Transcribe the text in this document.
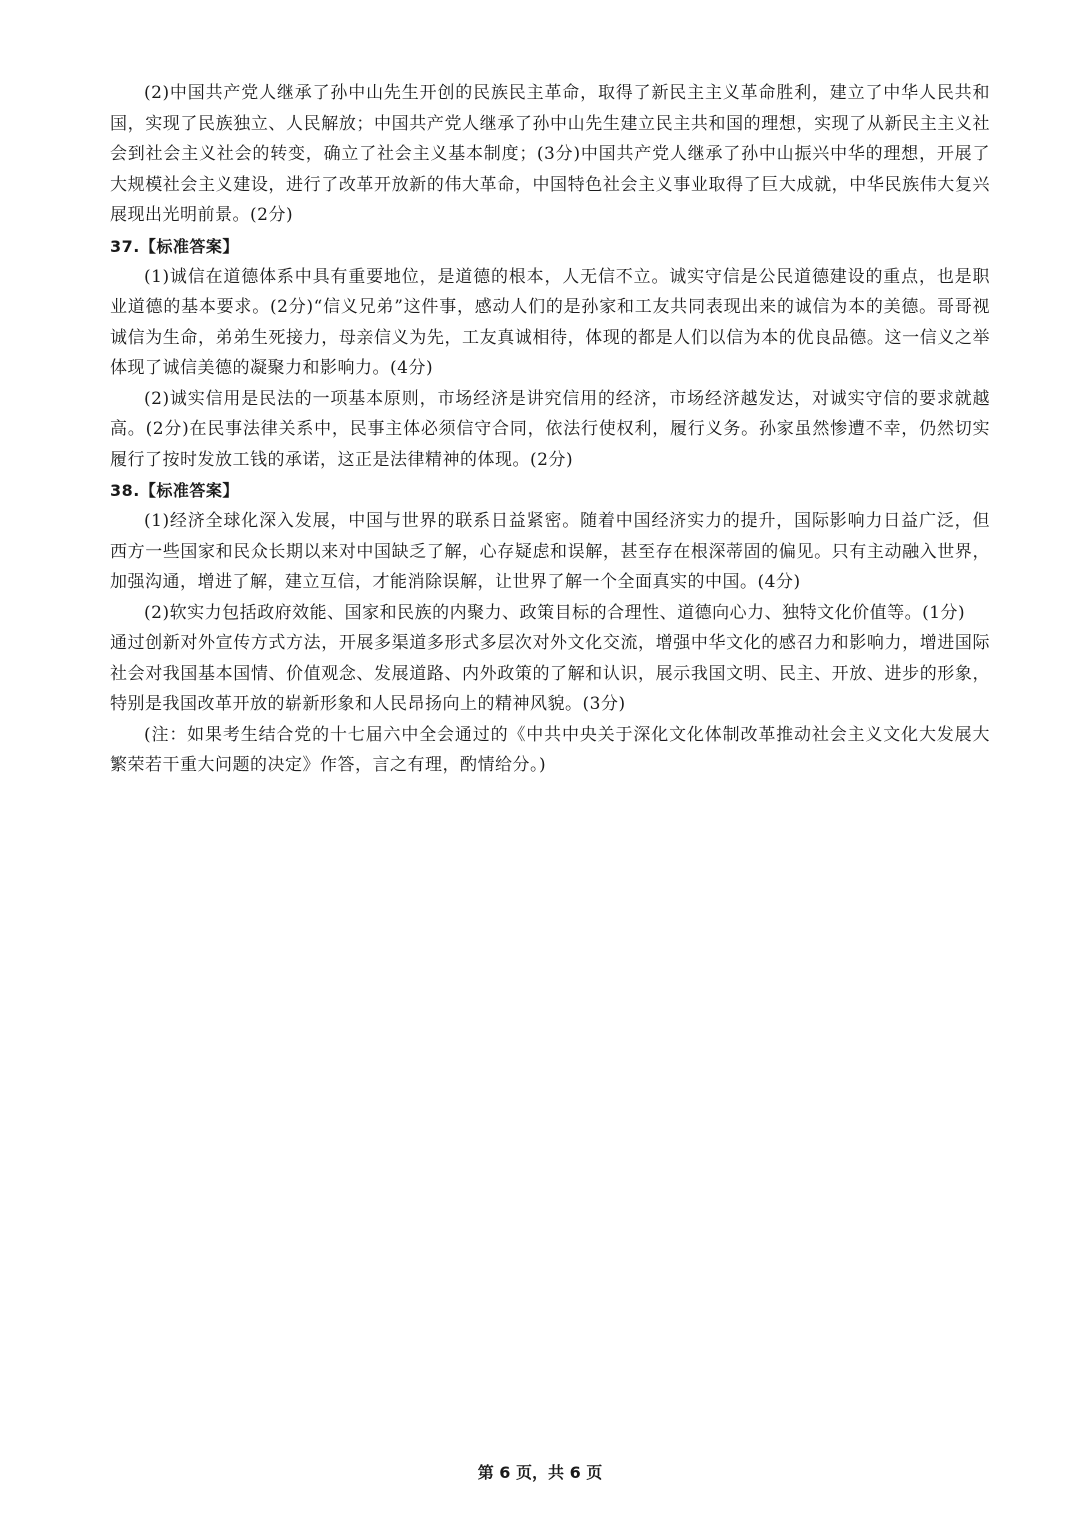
(2)中国共产党人继承了孙中山先生开创的民族民主革命，取得了新民主主义革命胜利，建立了中华人民共和国，实现了民族独立、人民解放；中国共产党人继承了孙中山先生建立民主共和国的理想，实现了从新民主主义社会到社会主义社会的转变，确立了社会主义基本制度；(3分)中国共产党人继承了孙中山振兴中华的理想，开展了大规模社会主义建设，进行了改革开放新的伟大革命，中国特色社会主义事业取得了巨大成就，中华民族伟大复兴展现出光明前景。(2分)

37.【标准答案】

(1)诚信在道德体系中具有重要地位，是道德的根本，人无信不立。诚实守信是公民道德建设的重点，也是职业道德的基本要求。(2分)“信义兄弟”这件事，感动人们的是孙家和工友共同表现出来的诚信为本的美德。哥哥视诚信为生命，弟弟生死接力，母亲信义为先，工友真诚相待，体现的都是人们以信为本的优良品德。这一信义之举体现了诚信美德的凝聚力和影响力。(4分)

(2)诚实信用是民法的一项基本原则，市场经济是讲究信用的经济，市场经济越发达，对诚实守信的要求就越高。(2分)在民事法律关系中，民事主体必须信守合同，依法行使权利，履行义务。孙家虽然惨遭不幸，仍然切实履行了按时发放工钱的承诺，这正是法律精神的体现。(2分)

38.【标准答案】

(1)经济全球化深入发展，中国与世界的联系日益紧密。随着中国经济实力的提升，国际影响力日益广泛，但西方一些国家和民众长期以来对中国缺乏了解，心存疑虑和误解，甚至存在根深蒂固的偏见。只有主动融入世界，加强沟通，增进了解，建立互信，才能消除误解，让世界了解一个全面真实的中国。(4分)

(2)软实力包括政府效能、国家和民族的内聚力、政策目标的合理性、道德向心力、独特文化价值等。(1分)

通过创新对外宣传方式方法，开展多渠道多形式多层次对外文化交流，增强中华文化的感召力和影响力，增进国际社会对我国基本国情、价值观念、发展道路、内外政策的了解和认识，展示我国文明、民主、开放、进步的形象，特别是我国改革开放的崭新形象和人民昂扬向上的精神风貌。(3分)

(注：如果考生结合党的十七届六中全会通过的《中共中央关于深化文化体制改革推动社会主义文化大发展大繁荣若干重大问题的决定》作答，言之有理，酌情给分。)

第 6 页，共 6 页
